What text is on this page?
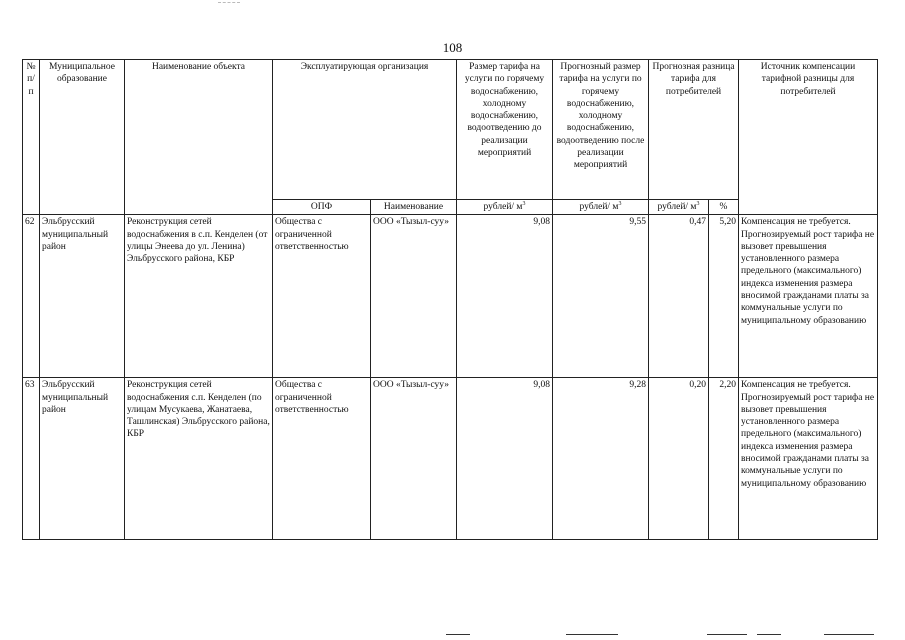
108
№ п/п	Муниципальное образование	Наименование объекта	Эксплуатирующая организация		Размер тарифа на услуги по горячему водоснабжению, холодному водоснабжению, водоотведению до реализации мероприятий	Прогнозный размер тарифа на услуги по горячему водоснабжению, холодному водоснабжению, водоотведению после реализации мероприятий	Прогнозная разница тарифа для потребителей		Источник компенсации тарифной разницы для потребителей
			ОПФ	Наименование	рублей/ $м^3$	рублей/ $м^3$	рублей/ $м^3$	%	
62	Эльбрусский муниципальный район	Реконструкция сетей водоснабжения в с.п. Кенделен (от улицы Энеева до ул. Ленина) Эльбрусского района, КБР	Общества с ограниченной ответственностью	ООО «Тызыл-суу»	9,08	9,55	0,47	5,20	Компенсация не требуется. Прогнозируемый рост тарифа не вызовет превышения установленного размера предельного (максимального) индекса изменения размера вносимой гражданами платы за коммунальные услуги по муниципальному образованию
63	Эльбрусский муниципальный район	Реконструкция сетей водоснабжения с.п. Кенделен (по улицам Мусукаева, Жанатаева, Ташлинская) Эльбрусского района, КБР	Общества с ограниченной ответственностью	ООО «Тызыл-суу»	9,08	9,28	0,20	2,20	Компенсация не требуется. Прогнозируемый рост тарифа не вызовет превышения установленного размера предельного (максимального) индекса изменения размера вносимой гражданами платы за коммунальные услуги по муниципальному образованию
